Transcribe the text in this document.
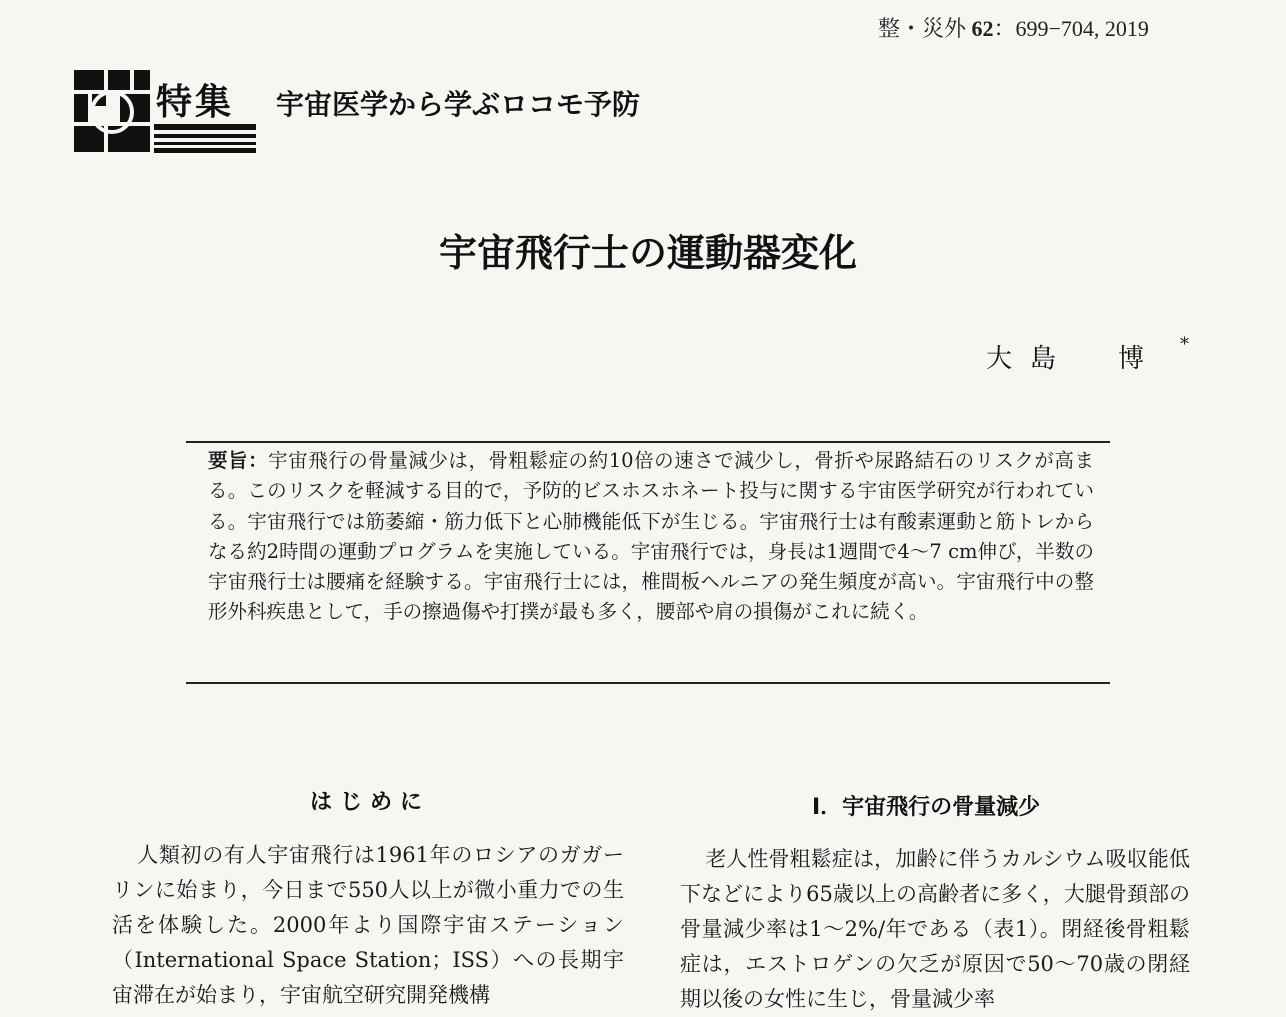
整・災外 62：699−704, 2019
特集 宇宙医学から学ぶロコモ予防
宇宙飛行士の運動器変化
大島　博 *

要旨：宇宙飛行の骨量減少は，骨粗鬆症の約10倍の速さで減少し，骨折や尿路結石のリスクが高まる。このリスクを軽減する目的で，予防的ビスホスホネート投与に関する宇宙医学研究が行われている。宇宙飛行では筋萎縮・筋力低下と心肺機能低下が生じる。宇宙飛行士は有酸素運動と筋トレからなる約2時間の運動プログラムを実施している。宇宙飛行では，身長は1週間で4〜7 cm伸び，半数の宇宙飛行士は腰痛を経験する。宇宙飛行士には，椎間板ヘルニアの発生頻度が高い。宇宙飛行中の整形外科疾患として，手の擦過傷や打撲が最も多く，腰部や肩の損傷がこれに続く。

はじめに

人類初の有人宇宙飛行は1961年のロシアのガガーリンに始まり，今日まで550人以上が微小重力での生活を体験した。2000年より国際宇宙ステーション（International Space Station；ISS）への長期宇宙滞在が始まり，宇宙航空研究開発機構

I．宇宙飛行の骨量減少

老人性骨粗鬆症は，加齢に伴うカルシウム吸収能低下などにより65歳以上の高齢者に多く，大腿骨頚部の骨量減少率は1〜2%/年である（表1）。閉経後骨粗鬆症は，エストロゲンの欠乏が原因で50〜70歳の閉経期以後の女性に生じ，骨量減少率
